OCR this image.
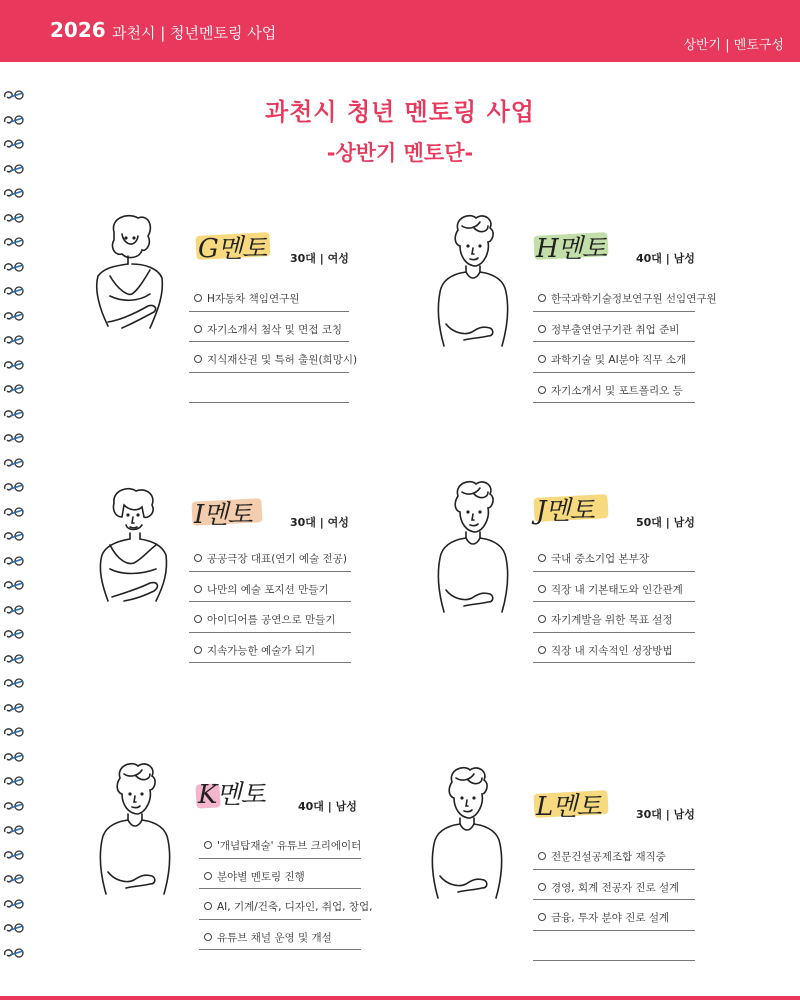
2026 과천시 | 청년멘토링 사업
상반기 | 멘토구성
과천시 청년 멘토링 사업
-상반기 멘토단-
G멘토 30대 | 여성
H자동차 책임연구원
자기소개서 첨삭 및 면접 코칭
지식재산권 및 특허 출원(희망시)
H멘토	40대 | 남성
한국과학기술정보연구원 선임연구원
정부출연연구기관 취업 준비
과학기술 및 AI분야 직무 소개
자기소개서 및 포트폴리오 등
I멘토	30대 | 여성
공공극장 대표(연기 예술 전공)
나만의 예술 포지션 만들기
아이디어를 공연으로 만들기
지속가능한 예술가 되기
J멘토	50대 | 남성
국내 중소기업 본부장
직장 내 기본태도와 인간관계
자기계발을 위한 목표 설정
직장 내 지속적인 성장방법
K멘토	40대 | 남성
'개념탑재술' 유튜브 크리에이터
분야별 멘토링 진행
AI, 기계/건축, 디자인, 취업, 창업,
유튜브 채널 운영 및 개설
L멘토	30대 | 남성
전문건설공제조합 재직중
경영, 회계 전공자 진로 설계
금융, 투자 분야 진로 설계
